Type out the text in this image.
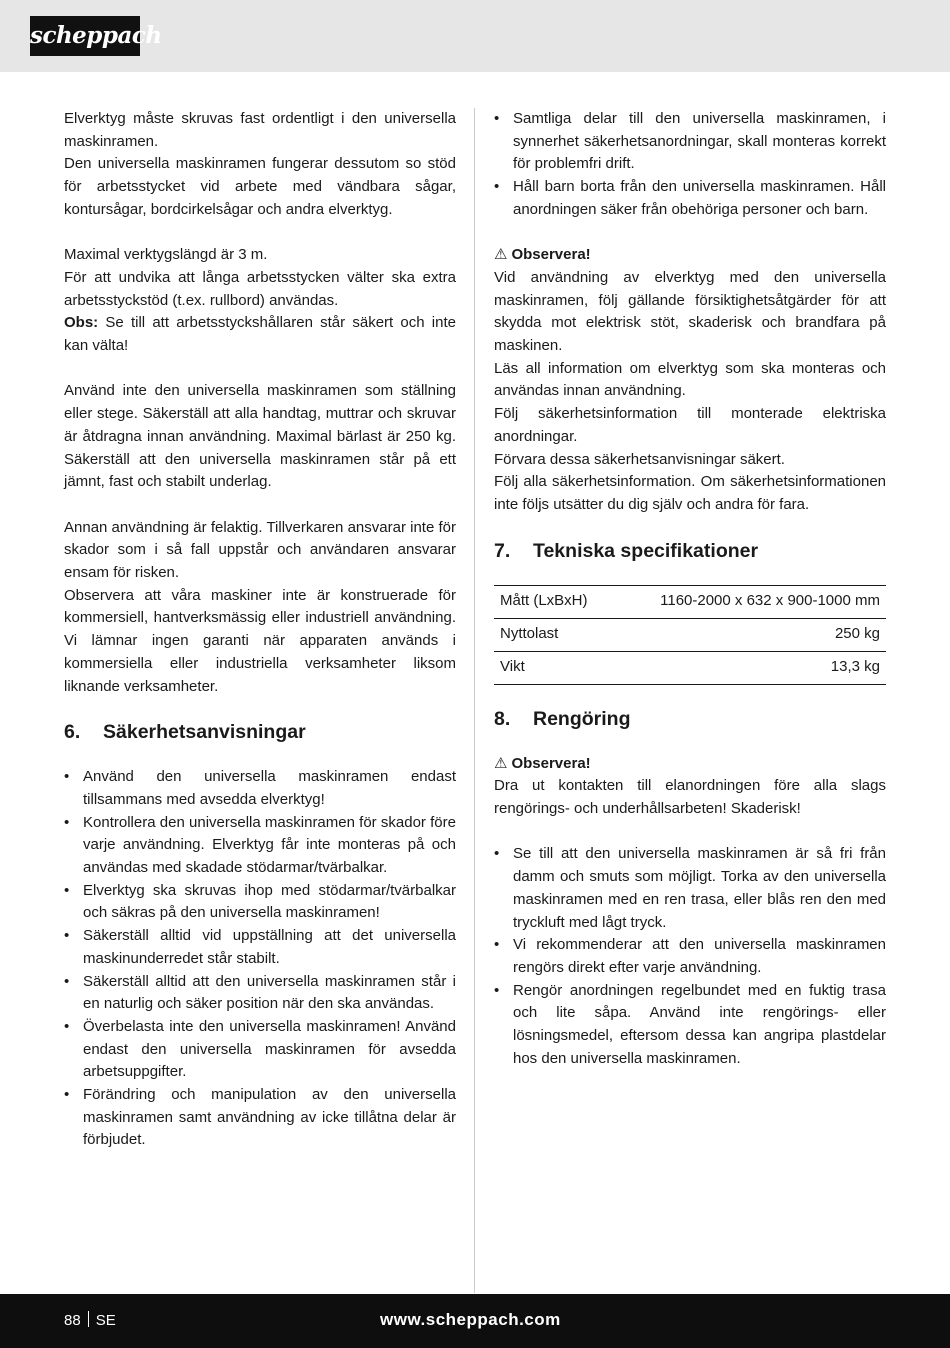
scheppach

Elverktyg måste skruvas fast ordentligt i den universella maskinramen.

Den universella maskinramen fungerar dessutom so stöd för arbetsstycket vid arbete med vändbara sågar, kontursågar, bordcirkelsågar och andra elverktyg.

Maximal verktygslängd är 3 m.

För att undvika att långa arbetsstycken välter ska extra arbetsstyckstöd (t.ex. rullbord) användas.

Obs: Se till att arbetsstyckshållaren står säkert och inte kan välta!

Använd inte den universella maskinramen som ställning eller stege. Säkerställ att alla handtag, muttrar och skruvar är åtdragna innan användning. Maximal bärlast är 250 kg. Säkerställ att den universella maskinramen står på ett jämnt, fast och stabilt underlag.

Annan användning är felaktig. Tillverkaren ansvarar inte för skador som i så fall uppstår och användaren ansvarar ensam för risken.

Observera att våra maskiner inte är konstruerade för kommersiell, hantverksmässig eller industriell användning. Vi lämnar ingen garanti när apparaten används i kommersiella eller industriella verksamheter liksom liknande verksamheter.

6. Säkerhetsanvisningar
• Använd den universella maskinramen endast tillsammans med avsedda elverktyg!
• Kontrollera den universella maskinramen för skador före varje användning. Elverktyg får inte monteras på och användas med skadade stödarmar/tvärbalkar.
• Elverktyg ska skruvas ihop med stödarmar/tvärbalkar och säkras på den universella maskinramen!
• Säkerställ alltid vid uppställning att det universella maskinunderredet står stabilt.
• Säkerställ alltid att den universella maskinramen står i en naturlig och säker position när den ska användas.
• Överbelasta inte den universella maskinramen! Använd endast den universella maskinramen för avsedda arbetsuppgifter.
• Förändring och manipulation av den universella maskinramen samt användning av icke tillåtna delar är förbjudet.
• Samtliga delar till den universella maskinramen, i synnerhet säkerhetsanordningar, skall monteras korrekt för problemfri drift.
• Håll barn borta från den universella maskinramen. Håll anordningen säker från obehöriga personer och barn.

⚠ Observera!

Vid användning av elverktyg med den universella maskinramen, följ gällande försiktighetsåtgärder för att skydda mot elektrisk stöt, skaderisk och brandfara på maskinen.

Läs all information om elverktyg som ska monteras och användas innan användning.

Följ säkerhetsinformation till monterade elektriska anordningar.

Förvara dessa säkerhetsanvisningar säkert.

Följ alla säkerhetsinformation. Om säkerhetsinformationen inte följs utsätter du dig själv och andra för fara.

7. Tekniska specifikationer
Mått (LxBxH)	1160-2000 x 632 x 900-1000 mm
Nyttolast	250 kg
Vikt	13,3 kg
8. Rengöring

⚠ Observera!

Dra ut kontakten till elanordningen före alla slags rengörings- och underhållsarbeten! Skaderisk!

• Se till att den universella maskinramen är så fri från damm och smuts som möjligt. Torka av den universella maskinramen med en ren trasa, eller blås ren den med tryckluft med lågt tryck.
• Vi rekommenderar att den universella maskinramen rengörs direkt efter varje användning.
• Rengör anordningen regelbundet med en fuktig trasa och lite såpa. Använd inte rengörings- eller lösningsmedel, eftersom dessa kan angripa plastdelar hos den universella maskinramen.
88 SE	www.scheppach.com
